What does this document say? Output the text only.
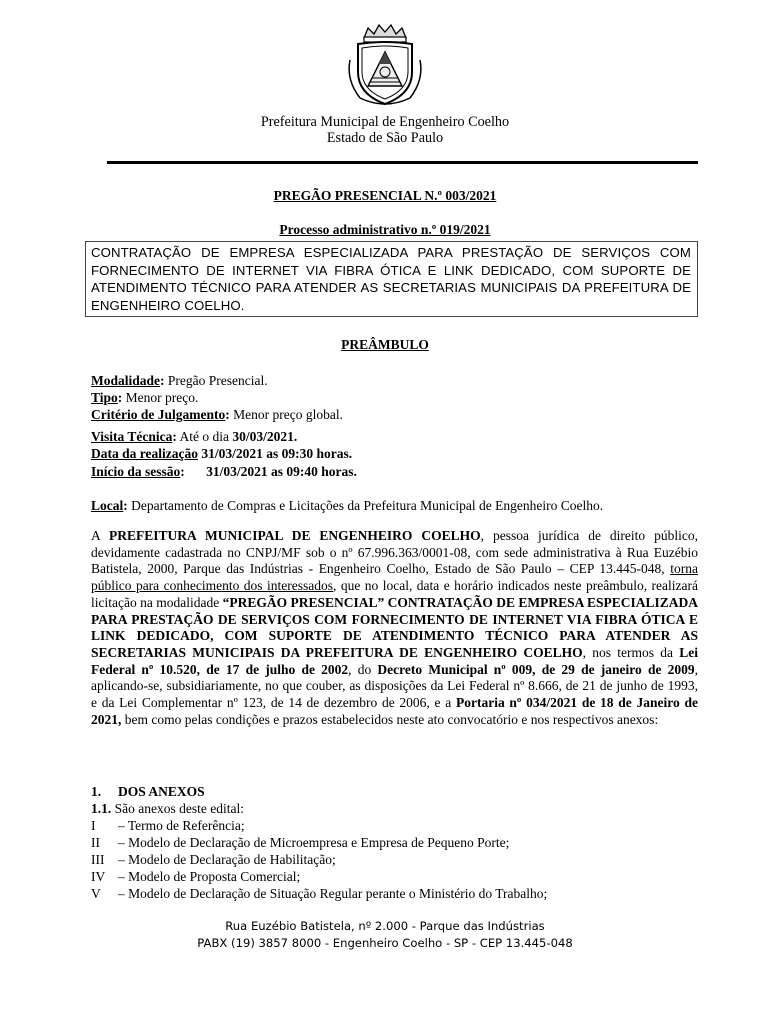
Prefeitura Municipal de Engenheiro Coelho
Estado de São Paulo
PREGÃO PRESENCIAL N.º 003/2021
Processo administrativo n.º 019/2021
CONTRATAÇÃO DE EMPRESA ESPECIALIZADA PARA PRESTAÇÃO DE SERVIÇOS COM FORNECIMENTO DE INTERNET VIA FIBRA ÓTICA E LINK DEDICADO, COM SUPORTE DE ATENDIMENTO TÉCNICO PARA ATENDER AS SECRETARIAS MUNICIPAIS DA PREFEITURA DE ENGENHEIRO COELHO.
PREÂMBULO
Modalidade: Pregão Presencial.
Tipo: Menor preço.
Critério de Julgamento: Menor preço global.
Visita Técnica: Até o dia 30/03/2021.
Data da realização 31/03/2021 as 09:30 horas.
Início da sessão: 31/03/2021 as 09:40 horas.
Local: Departamento de Compras e Licitações da Prefeitura Municipal de Engenheiro Coelho.
A PREFEITURA MUNICIPAL DE ENGENHEIRO COELHO, pessoa jurídica de direito público, devidamente cadastrada no CNPJ/MF sob o nº 67.996.363/0001-08, com sede administrativa à Rua Euzébio Batistela, 2000, Parque das Indústrias - Engenheiro Coelho, Estado de São Paulo – CEP 13.445-048, torna público para conhecimento dos interessados, que no local, data e horário indicados neste preâmbulo, realizará licitação na modalidade “PREGÃO PRESENCIAL” CONTRATAÇÃO DE EMPRESA ESPECIALIZADA PARA PRESTAÇÃO DE SERVIÇOS COM FORNECIMENTO DE INTERNET VIA FIBRA ÓTICA E LINK DEDICADO, COM SUPORTE DE ATENDIMENTO TÉCNICO PARA ATENDER AS SECRETARIAS MUNICIPAIS DA PREFEITURA DE ENGENHEIRO COELHO, nos termos da Lei Federal nº 10.520, de 17 de julho de 2002, do Decreto Municipal nº 009, de 29 de janeiro de 2009, aplicando-se, subsidiariamente, no que couber, as disposições da Lei Federal nº 8.666, de 21 de junho de 1993, e da Lei Complementar nº 123, de 14 de dezembro de 2006, e a Portaria nº 034/2021 de 18 de Janeiro de 2021, bem como pelas condições e prazos estabelecidos neste ato convocatório e nos respectivos anexos:
1. DOS ANEXOS
1.1. São anexos deste edital:
I – Termo de Referência;
II – Modelo de Declaração de Microempresa e Empresa de Pequeno Porte;
III – Modelo de Declaração de Habilitação;
IV – Modelo de Proposta Comercial;
V – Modelo de Declaração de Situação Regular perante o Ministério do Trabalho;
Rua Euzébio Batistela, nº 2.000 - Parque das Indústrias
PABX (19) 3857 8000 - Engenheiro Coelho - SP - CEP 13.445-048
